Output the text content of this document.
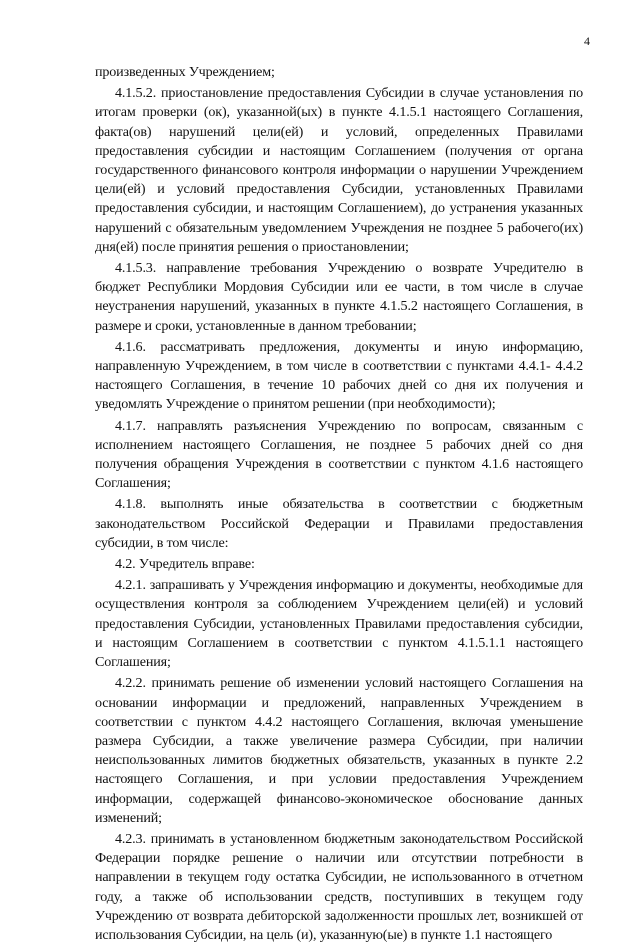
4

произведенных Учреждением;

4.1.5.2. приостановление предоставления Субсидии в случае установления по итогам проверки (ок), указанной(ых) в пункте 4.1.5.1 настоящего Соглашения, факта(ов) нарушений цели(ей) и условий, определенных Правилами предоставления субсидии и настоящим Соглашением (получения от органа государственного финансового контроля информации о нарушении Учреждением цели(ей) и условий предоставления Субсидии, установленных Правилами предоставления субсидии, и настоящим Соглашением), до устранения указанных нарушений с обязательным уведомлением Учреждения не позднее 5 рабочего(их) дня(ей) после принятия решения о приостановлении;

4.1.5.3. направление требования Учреждению о возврате Учредителю в бюджет Республики Мордовия Субсидии или ее части, в том числе в случае неустранения нарушений, указанных в пункте 4.1.5.2 настоящего Соглашения, в размере и сроки, установленные в данном требовании;

4.1.6. рассматривать предложения, документы и иную информацию, направленную Учреждением, в том числе в соответствии с пунктами 4.4.1- 4.4.2 настоящего Соглашения, в течение 10 рабочих дней со дня их получения и уведомлять Учреждение о принятом решении (при необходимости);

4.1.7. направлять разъяснения Учреждению по вопросам, связанным с исполнением настоящего Соглашения, не позднее 5 рабочих дней со дня получения обращения Учреждения в соответствии с пунктом 4.1.6 настоящего Соглашения;

4.1.8. выполнять иные обязательства в соответствии с бюджетным законодательством Российской Федерации и Правилами предоставления субсидии, в том числе:

4.2. Учредитель вправе:

4.2.1. запрашивать у Учреждения информацию и документы, необходимые для осуществления контроля за соблюдением Учреждением цели(ей) и условий предоставления Субсидии, установленных Правилами предоставления субсидии, и настоящим Соглашением в соответствии с пунктом 4.1.5.1.1 настоящего Соглашения;

4.2.2. принимать решение об изменении условий настоящего Соглашения на основании информации и предложений, направленных Учреждением в соответствии с пунктом 4.4.2 настоящего Соглашения, включая уменьшение размера Субсидии, а также увеличение размера Субсидии, при наличии неиспользованных лимитов бюджетных обязательств, указанных в пункте 2.2 настоящего Соглашения, и при условии предоставления Учреждением информации, содержащей финансово-экономическое обоснование данных изменений;

4.2.3. принимать в установленном бюджетным законодательством Российской Федерации порядке решение о наличии или отсутствии потребности в направлении в текущем году остатка Субсидии, не использованного в отчетном году, а также об использовании средств, поступивших в текущем году Учреждению от возврата дебиторской задолженности прошлых лет, возникшей от использования Субсидии, на цель (и), указанную(ые) в пункте 1.1 настоящего
